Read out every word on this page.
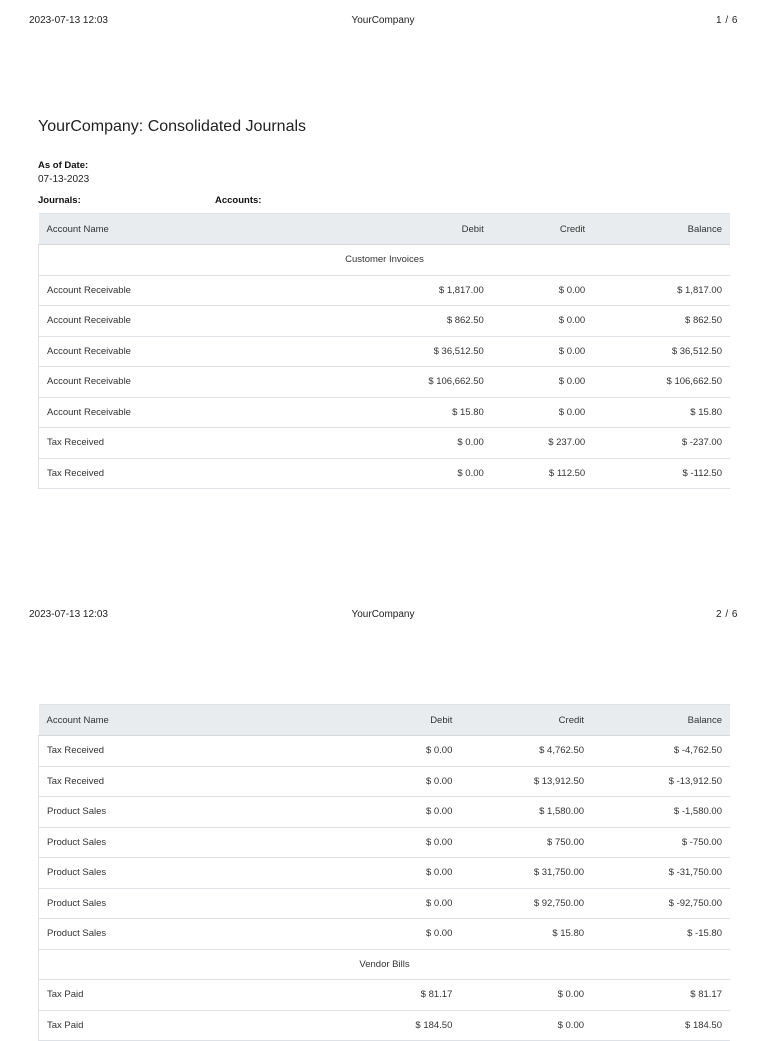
2023-07-13 12:03	YourCompany	1 / 6
YourCompany: Consolidated Journals
As of Date:
07-13-2023
Journals:	Accounts:
Account Name	Debit	Credit	Balance
Customer Invoices			
Account Receivable	$ 1,817.00	$ 0.00	$ 1,817.00
Account Receivable	$ 862.50	$ 0.00	$ 862.50
Account Receivable	$ 36,512.50	$ 0.00	$ 36,512.50
Account Receivable	$ 106,662.50	$ 0.00	$ 106,662.50
Account Receivable	$ 15.80	$ 0.00	$ 15.80
Tax Received	$ 0.00	$ 237.00	$ -237.00
Tax Received	$ 0.00	$ 112.50	$ -112.50
2023-07-13 12:03	YourCompany	2 / 6
Account Name	Debit	Credit	Balance
Tax Received	$ 0.00	$ 4,762.50	$ -4,762.50
Tax Received	$ 0.00	$ 13,912.50	$ -13,912.50
Product Sales	$ 0.00	$ 1,580.00	$ -1,580.00
Product Sales	$ 0.00	$ 750.00	$ -750.00
Product Sales	$ 0.00	$ 31,750.00	$ -31,750.00
Product Sales	$ 0.00	$ 92,750.00	$ -92,750.00
Product Sales	$ 0.00	$ 15.80	$ -15.80
Vendor Bills			
Tax Paid	$ 81.17	$ 0.00	$ 81.17
Tax Paid	$ 184.50	$ 0.00	$ 184.50
